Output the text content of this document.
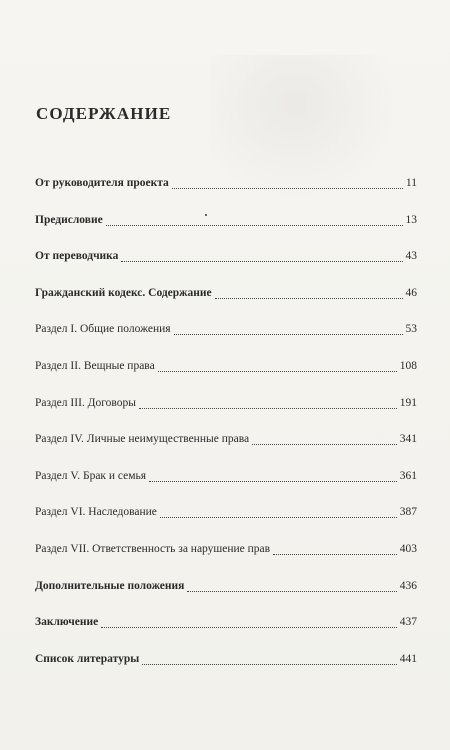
СОДЕРЖАНИЕ
От руководителя проекта	11
Предисловие	13
От переводчика	43
Гражданский кодекс. Содержание	46
Раздел I. Общие положения	53
Раздел II. Вещные права	108
Раздел III. Договоры	191
Раздел IV. Личные неимущественные права	341
Раздел V. Брак и семья	361
Раздел VI. Наследование	387
Раздел VII. Ответственность за нарушение прав	403
Дополнительные положения	436
Заключение	437
Список литературы	441
